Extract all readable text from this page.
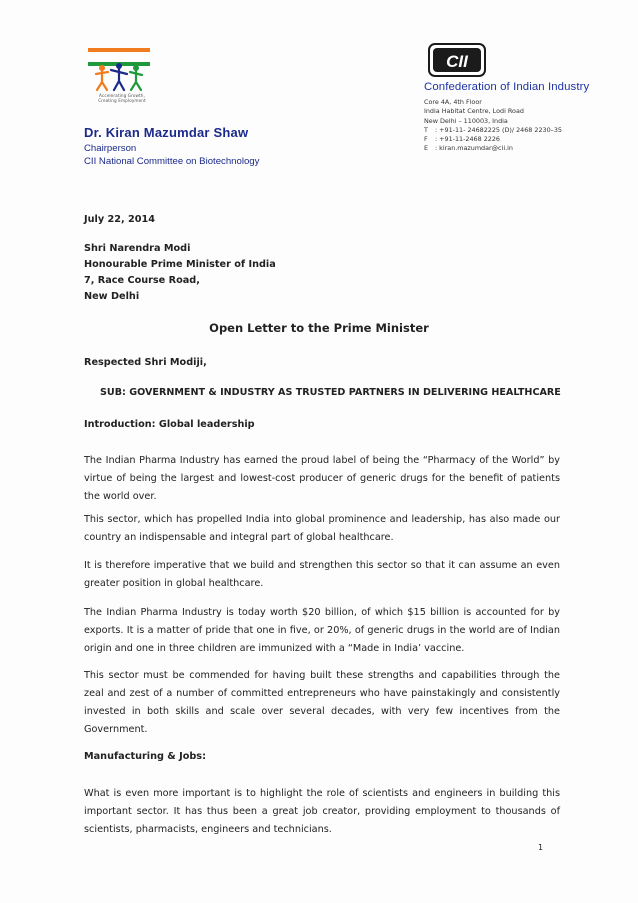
Accelerating Growth,
Creating Employment
Dr. Kiran Mazumdar Shaw
Chairperson
CII National Committee on Biotechnology
CII
Confederation of Indian Industry
Core 4A, 4th Floor
India Habitat Centre, Lodi Road
New Delhi – 110003, India
T : +91-11- 24682225 (D)/ 2468 2230–35
F : +91-11-2468 2226
E : kiran.mazumdar@cii.in
July 22, 2014
Shri Narendra Modi
Honourable Prime Minister of India
7, Race Course Road,
New Delhi
Open Letter to the Prime Minister
Respected Shri Modiji,
SUB: GOVERNMENT & INDUSTRY AS TRUSTED PARTNERS IN DELIVERING HEALTHCARE
Introduction: Global leadership
The Indian Pharma Industry has earned the proud label of being the “Pharmacy of the World” by virtue of being the largest and lowest-cost producer of generic drugs for the benefit of patients the world over.
This sector, which has propelled India into global prominence and leadership, has also made our country an indispensable and integral part of global healthcare.
It is therefore imperative that we build and strengthen this sector so that it can assume an even greater position in global healthcare.
The Indian Pharma Industry is today worth $20 billion, of which $15 billion is accounted for by exports. It is a matter of pride that one in five, or 20%, of generic drugs in the world are of Indian origin and one in three children are immunized with a “Made in India’ vaccine.
This sector must be commended for having built these strengths and capabilities through the zeal and zest of a number of committed entrepreneurs who have painstakingly and consistently invested in both skills and scale over several decades, with very few incentives from the Government.
Manufacturing & Jobs:
What is even more important is to highlight the role of scientists and engineers in building this important sector. It has thus been a great job creator, providing employment to thousands of scientists, pharmacists, engineers and technicians.
1
